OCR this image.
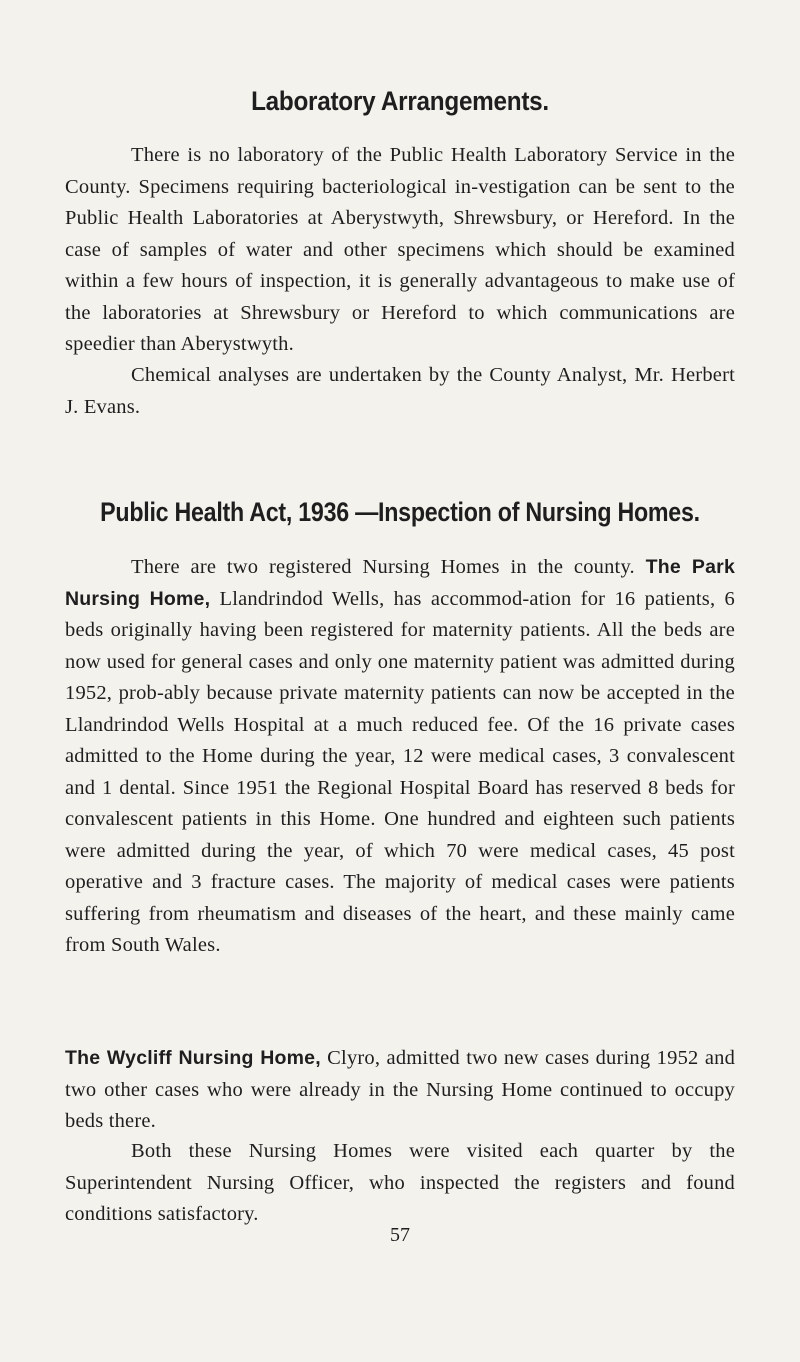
Laboratory Arrangements.

There is no laboratory of the Public Health Laboratory Service in the County. Specimens requiring bacteriological in-vestigation can be sent to the Public Health Laboratories at Aberystwyth, Shrewsbury, or Hereford. In the case of samples of water and other specimens which should be examined within a few hours of inspection, it is generally advantageous to make use of the laboratories at Shrewsbury or Hereford to which communications are speedier than Aberystwyth.

Chemical analyses are undertaken by the County Analyst, Mr. Herbert J. Evans.

Public Health Act, 1936 —Inspection of Nursing Homes.

There are two registered Nursing Homes in the county. The Park Nursing Home, Llandrindod Wells, has accommod-ation for 16 patients, 6 beds originally having been registered for maternity patients. All the beds are now used for general cases and only one maternity patient was admitted during 1952, prob-ably because private maternity patients can now be accepted in the Llandrindod Wells Hospital at a much reduced fee. Of the 16 private cases admitted to the Home during the year, 12 were medical cases, 3 convalescent and 1 dental. Since 1951 the Regional Hospital Board has reserved 8 beds for convalescent patients in this Home. One hundred and eighteen such patients were admitted during the year, of which 70 were medical cases, 45 post operative and 3 fracture cases. The majority of medical cases were patients suffering from rheumatism and diseases of the heart, and these mainly came from South Wales.

The Wycliff Nursing Home, Clyro, admitted two new cases during 1952 and two other cases who were already in the Nursing Home continued to occupy beds there.

Both these Nursing Homes were visited each quarter by the Superintendent Nursing Officer, who inspected the registers and found conditions satisfactory.

57
